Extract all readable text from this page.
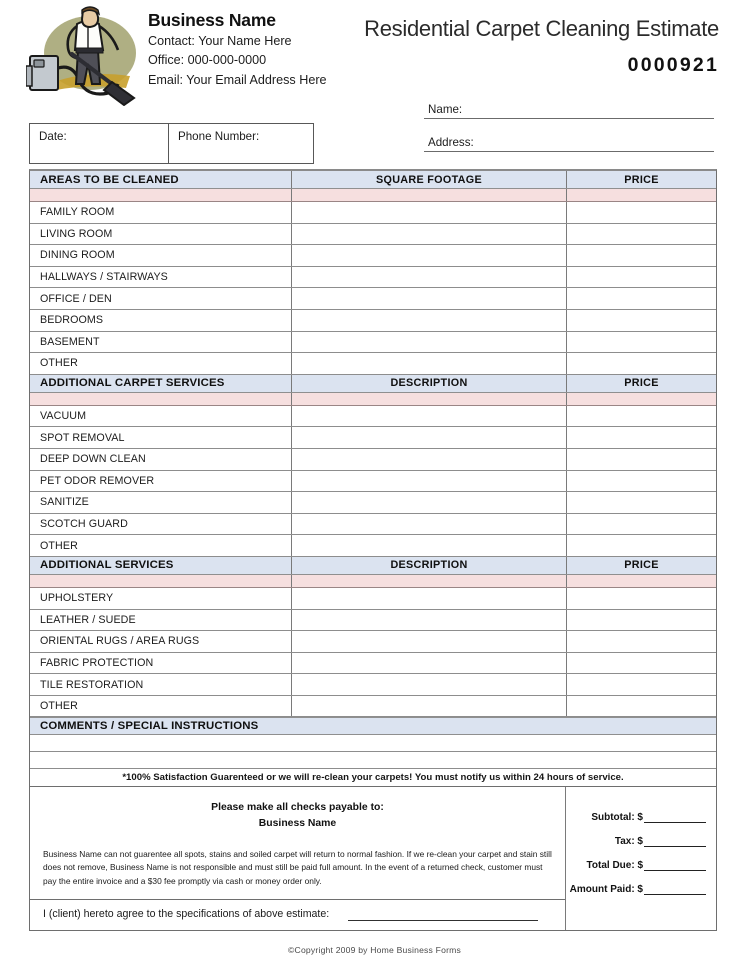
Business Name
Contact: Your Name Here
Office: 000-000-0000
Email: Your Email Address Here
Residential Carpet Cleaning Estimate
0000921
Name:
Address:
Date:	Phone Number:
AREAS TO BE CLEANED	SQUARE FOOTAGE	PRICE
FAMILY ROOM
LIVING ROOM
DINING ROOM
HALLWAYS / STAIRWAYS
OFFICE / DEN
BEDROOMS
BASEMENT
OTHER
ADDITIONAL CARPET SERVICES	DESCRIPTION	PRICE
VACUUM
SPOT REMOVAL
DEEP DOWN CLEAN
PET ODOR REMOVER
SANITIZE
SCOTCH GUARD
OTHER
ADDITIONAL SERVICES	DESCRIPTION	PRICE
UPHOLSTERY
LEATHER / SUEDE
ORIENTAL RUGS / AREA RUGS
FABRIC PROTECTION
TILE RESTORATION
OTHER
COMMENTS / SPECIAL INSTRUCTIONS
*100% Satisfaction Guarenteed or we will re-clean your carpets! You must notify us within 24 hours of service.
Please make all checks payable to:
Business Name
Business Name can not guarentee all spots, stains and soiled carpet will return to normal fashion. If we re-clean your carpet and stain still does not remove, Business Name is not responsible and must still be paid full amount. In the event of a returned check, customer must pay the entire invoice and a $30 fee promptly via cash or money order only.
I (client) hereto agree to the specifications of above estimate:
Subtotal: $
Tax: $
Total Due: $
Amount Paid: $
©Copyright 2009 by Home Business Forms
